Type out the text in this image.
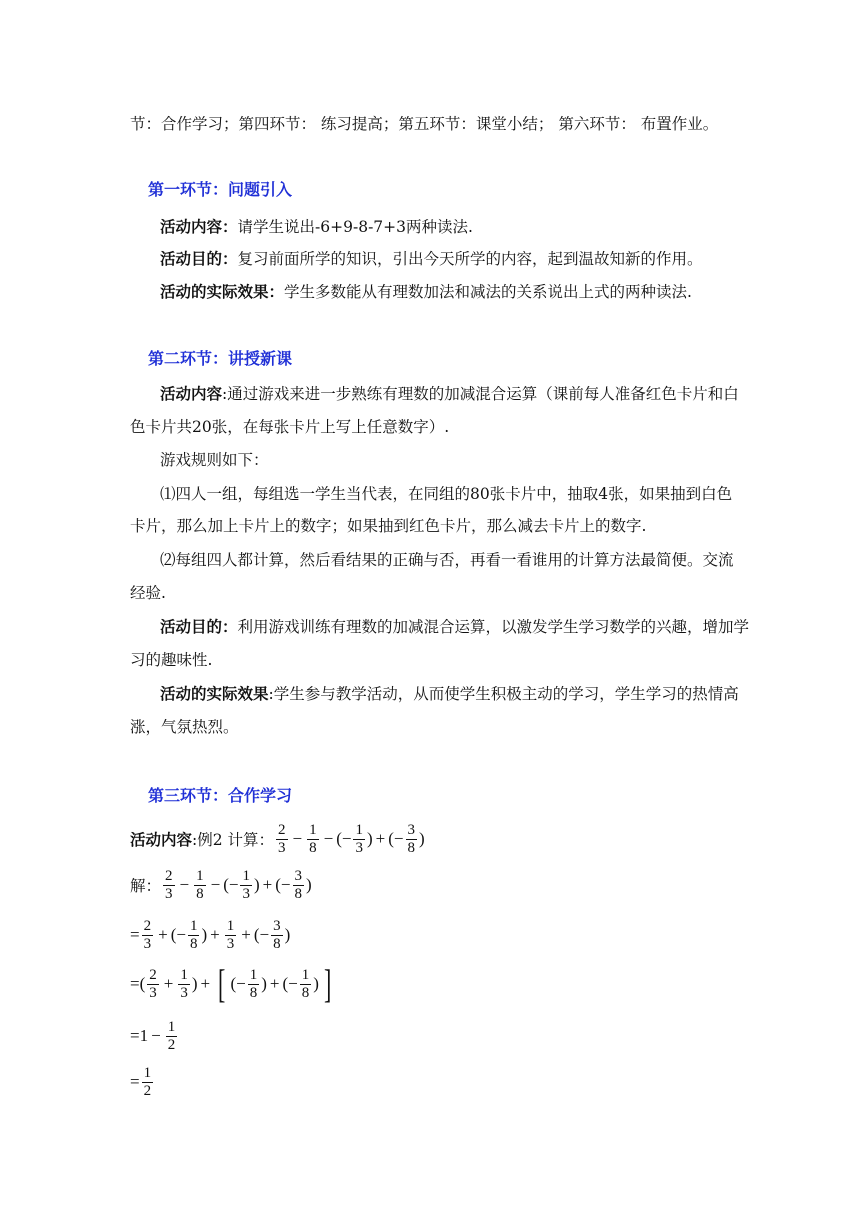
节：合作学习；第四环节： 练习提高；第五环节：课堂小结； 第六环节： 布置作业。
第一环节：问题引入
活动内容：请学生说出-6+9-8-7+3两种读法.
活动目的：复习前面所学的知识，引出今天所学的内容，起到温故知新的作用。
活动的实际效果：学生多数能从有理数加法和减法的关系说出上式的两种读法.
第二环节：讲授新课
活动内容:通过游戏来进一步熟练有理数的加减混合运算（课前每人准备红色卡片和白
色卡片共20张，在每张卡片上写上任意数字）.
游戏规则如下：
⑴四人一组，每组选一学生当代表，在同组的80张卡片中，抽取4张，如果抽到白色
卡片，那么加上卡片上的数字；如果抽到红色卡片，那么减去卡片上的数字.
⑵每组四人都计算，然后看结果的正确与否，再看一看谁用的计算方法最简便。交流
经验.
活动目的：利用游戏训练有理数的加减混合运算，以激发学生学习数学的兴趣，增加学
习的趣味性.
活动的实际效果:学生参与教学活动，从而使学生积极主动的学习，学生学习的热情高
涨，气氛热烈。
第三环节：合作学习
活动内容 :例2 计算： $\frac{2}{3} - \frac{1}{8}$ − ( − $\frac{1}{3}$ ) + ( − $\frac{3}{8}$ )
解： $\frac{2}{3} - \frac{1}{8}$ − ( − $\frac{1}{3}$ ) + ( − $\frac{3}{8}$ )
= $\frac{2}{3}$ + ( − $\frac{1}{8}$ ) + $\frac{1}{3}$ + ( − $\frac{3}{8}$ )
= ( $\frac{2}{3} + \frac{1}{3}$ ) + [ ( − $\frac{1}{8}$ ) + ( − $\frac{1}{8}$ ) ]
= $1 - \frac{1}{2}$
= $\frac{1}{2}$
